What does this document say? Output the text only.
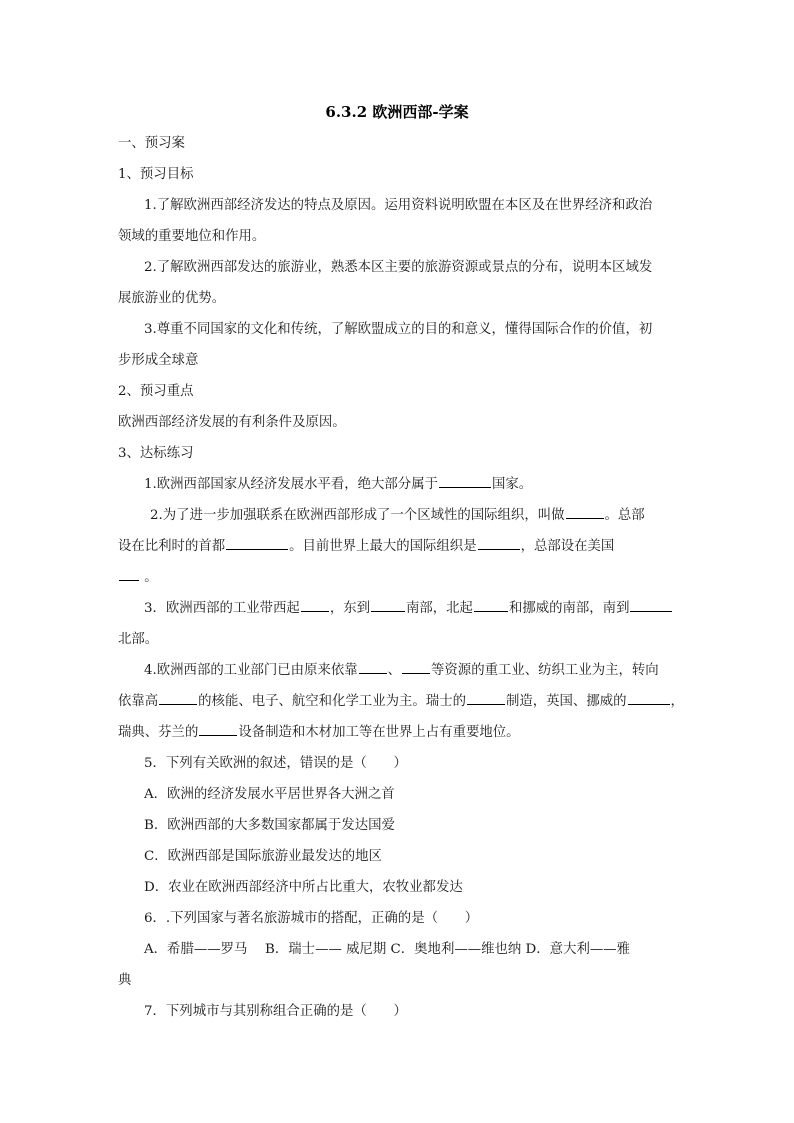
6.3.2 欧洲西部-学案

一、预习案

1、预习目标

1.了解欧洲西部经济发达的特点及原因。运用资料说明欧盟在本区及在世界经济和政治

领域的重要地位和作用。

2.了解欧洲西部发达的旅游业，熟悉本区主要的旅游资源或景点的分布，说明本区域发

展旅游业的优势。

3.尊重不同国家的文化和传统，了解欧盟成立的目的和意义，懂得国际合作的价值，初

步形成全球意

2、预习重点

欧洲西部经济发展的有利条件及原因。

3、达标练习

1.欧洲西部国家从经济发展水平看，绝大部分属于	国家。

2.为了进一步加强联系在欧洲西部形成了一个区域性的国际组织，叫做	。总部

设在比利时的首都	。目前世界上最大的国际组织是	，总部设在美国

。

3．欧洲西部的工业带西起 ，东到	南部，北起	和挪威的南部，南到

北部。

4.欧洲西部的工业部门已由原来依靠 、 等资源的重工业、纺织工业为主，转向

依靠高	的核能、电子、航空和化学工业为主。瑞士的	制造，英国、挪威的	，

瑞典、芬兰的	设备制造和木材加工等在世界上占有重要地位。

5．下列有关欧洲的叙述，错误的是（　　）

A．欧洲的经济发展水平居世界各大洲之首

B．欧洲西部的大多数国家都属于发达国爱

C．欧洲西部是国际旅游业最发达的地区

D．农业在欧洲西部经济中所占比重大，农牧业都发达

6．.下列国家与著名旅游城市的搭配，正确的是（　　）

A．希腊——罗马　 B．瑞士—— 威尼期 C．奥地利——维也纳 D．意大利——雅

典

7．下列城市与其别称组合正确的是（　　）
